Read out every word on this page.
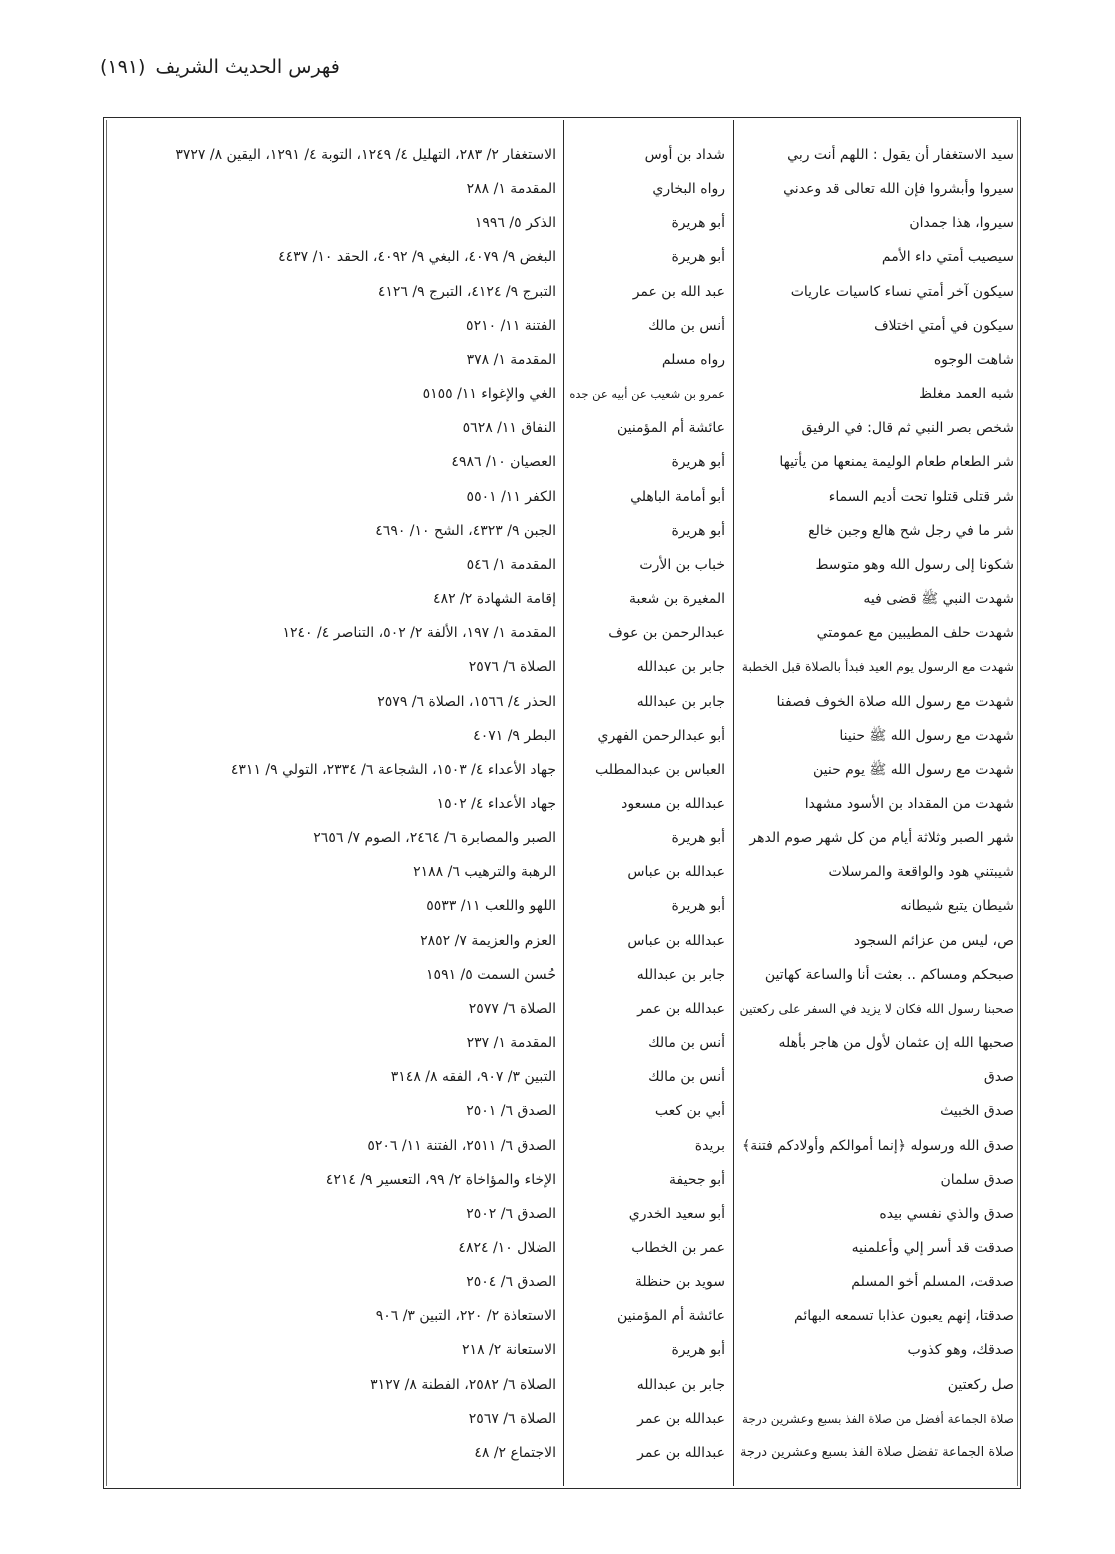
فهرس الحديث الشريف
(١٩١)
سيد الاستغفار أن يقول : اللهم أنت ربي
شداد بن أوس
الاستغفار ٢/ ٢٨٣، التهليل ٤/ ١٢٤٩، التوبة ٤/ ١٢٩١، اليقين ٨/ ٣٧٢٧
سيروا وأبشروا فإن الله تعالى قد وعدني
رواه البخاري
المقدمة ١/ ٢٨٨
سيروا، هذا جمدان
أبو هريرة
الذكر ٥/ ١٩٩٦
سيصيب أمتي داء الأمم
أبو هريرة
البغض ٩/ ٤٠٧٩، البغي ٩/ ٤٠٩٢، الحقد ١٠/ ٤٤٣٧
سيكون آخر أمتي نساء كاسيات عاريات
عبد الله بن عمر
التبرج ٩/ ٤١٢٤، التبرج ٩/ ٤١٢٦
سيكون في أمتي اختلاف
أنس بن مالك
الفتنة ١١/ ٥٢١٠
شاهت الوجوه
رواه مسلم
المقدمة ١/ ٣٧٨
شبه العمد مغلظ
عمرو بن شعيب عن أبيه عن جده
الغي والإغواء ١١/ ٥١٥٥
شخص بصر النبي ثم قال: في الرفيق
عائشة أم المؤمنين
النفاق ١١/ ٥٦٢٨
شر الطعام طعام الوليمة يمنعها من يأتيها
أبو هريرة
العصيان ١٠/ ٤٩٨٦
شر قتلى قتلوا تحت أديم السماء
أبو أمامة الباهلي
الكفر ١١/ ٥٥٠١
شر ما في رجل شح هالع وجبن خالع
أبو هريرة
الجبن ٩/ ٤٣٢٣، الشح ١٠/ ٤٦٩٠
شكونا إلى رسول الله وهو متوسط
خباب بن الأرت
المقدمة ١/ ٥٤٦
شهدت النبي ﷺ قضى فيه
المغيرة بن شعبة
إقامة الشهادة ٢/ ٤٨٢
شهدت حلف المطيبين مع عمومتي
عبدالرحمن بن عوف
المقدمة ١/ ١٩٧، الألفة ٢/ ٥٠٢، التناصر ٤/ ١٢٤٠
شهدت مع الرسول يوم العيد فبدأ بالصلاة قبل الخطبة
جابر بن عبدالله
الصلاة ٦/ ٢٥٧٦
شهدت مع رسول الله صلاة الخوف فصفنا
جابر بن عبدالله
الحذر ٤/ ١٥٦٦، الصلاة ٦/ ٢٥٧٩
شهدت مع رسول الله ﷺ حنينا
أبو عبدالرحمن الفهري
البطر ٩/ ٤٠٧١
شهدت مع رسول الله ﷺ يوم حنين
العباس بن عبدالمطلب
جهاد الأعداء ٤/ ١٥٠٣، الشجاعة ٦/ ٢٣٣٤، التولي ٩/ ٤٣١١
شهدت من المقداد بن الأسود مشهدا
عبدالله بن مسعود
جهاد الأعداء ٤/ ١٥٠٢
شهر الصبر وثلاثة أيام من كل شهر صوم الدهر
أبو هريرة
الصبر والمصابرة ٦/ ٢٤٦٤، الصوم ٧/ ٢٦٥٦
شيبتني هود والواقعة والمرسلات
عبدالله بن عباس
الرهبة والترهيب ٦/ ٢١٨٨
شيطان يتبع شيطانه
أبو هريرة
اللهو واللعب ١١/ ٥٥٣٣
ص، ليس من عزائم السجود
عبدالله بن عباس
العزم والعزيمة ٧/ ٢٨٥٢
صبحكم ومساكم .. بعثت أنا والساعة كهاتين
جابر بن عبدالله
حُسن السمت ٥/ ١٥٩١
صحبنا رسول الله فكان لا يزيد في السفر على ركعتين
عبدالله بن عمر
الصلاة ٦/ ٢٥٧٧
صحبها الله إن عثمان لأول من هاجر بأهله
أنس بن مالك
المقدمة ١/ ٢٣٧
صدق
أنس بن مالك
التبين ٣/ ٩٠٧، الفقه ٨/ ٣١٤٨
صدق الخبيث
أبي بن كعب
الصدق ٦/ ٢٥٠١
صدق الله ورسوله ﴿إنما أموالكم وأولادكم فتنة﴾
بريدة
الصدق ٦/ ٢٥١١، الفتنة ١١/ ٥٢٠٦
صدق سلمان
أبو جحيفة
الإخاء والمؤاخاة ٢/ ٩٩، التعسير ٩/ ٤٢١٤
صدق والذي نفسي بيده
أبو سعيد الخدري
الصدق ٦/ ٢٥٠٢
صدقت قد أسر إلي وأعلمنيه
عمر بن الخطاب
الضلال ١٠/ ٤٨٢٤
صدقت، المسلم أخو المسلم
سويد بن حنظلة
الصدق ٦/ ٢٥٠٤
صدقتا، إنهم يعبون عذابا تسمعه البهائم
عائشة أم المؤمنين
الاستعاذة ٢/ ٢٢٠، التبين ٣/ ٩٠٦
صدقك، وهو كذوب
أبو هريرة
الاستعانة ٢/ ٢١٨
صل ركعتين
جابر بن عبدالله
الصلاة ٦/ ٢٥٨٢، الفطنة ٨/ ٣١٢٧
صلاة الجماعة أفضل من صلاة الفذ بسبع وعشرين درجة
عبدالله بن عمر
الصلاة ٦/ ٢٥٦٧
صلاة الجماعة تفضل صلاة الفذ بسبع وعشرين درجة
عبدالله بن عمر
الاجتماع ٢/ ٤٨
